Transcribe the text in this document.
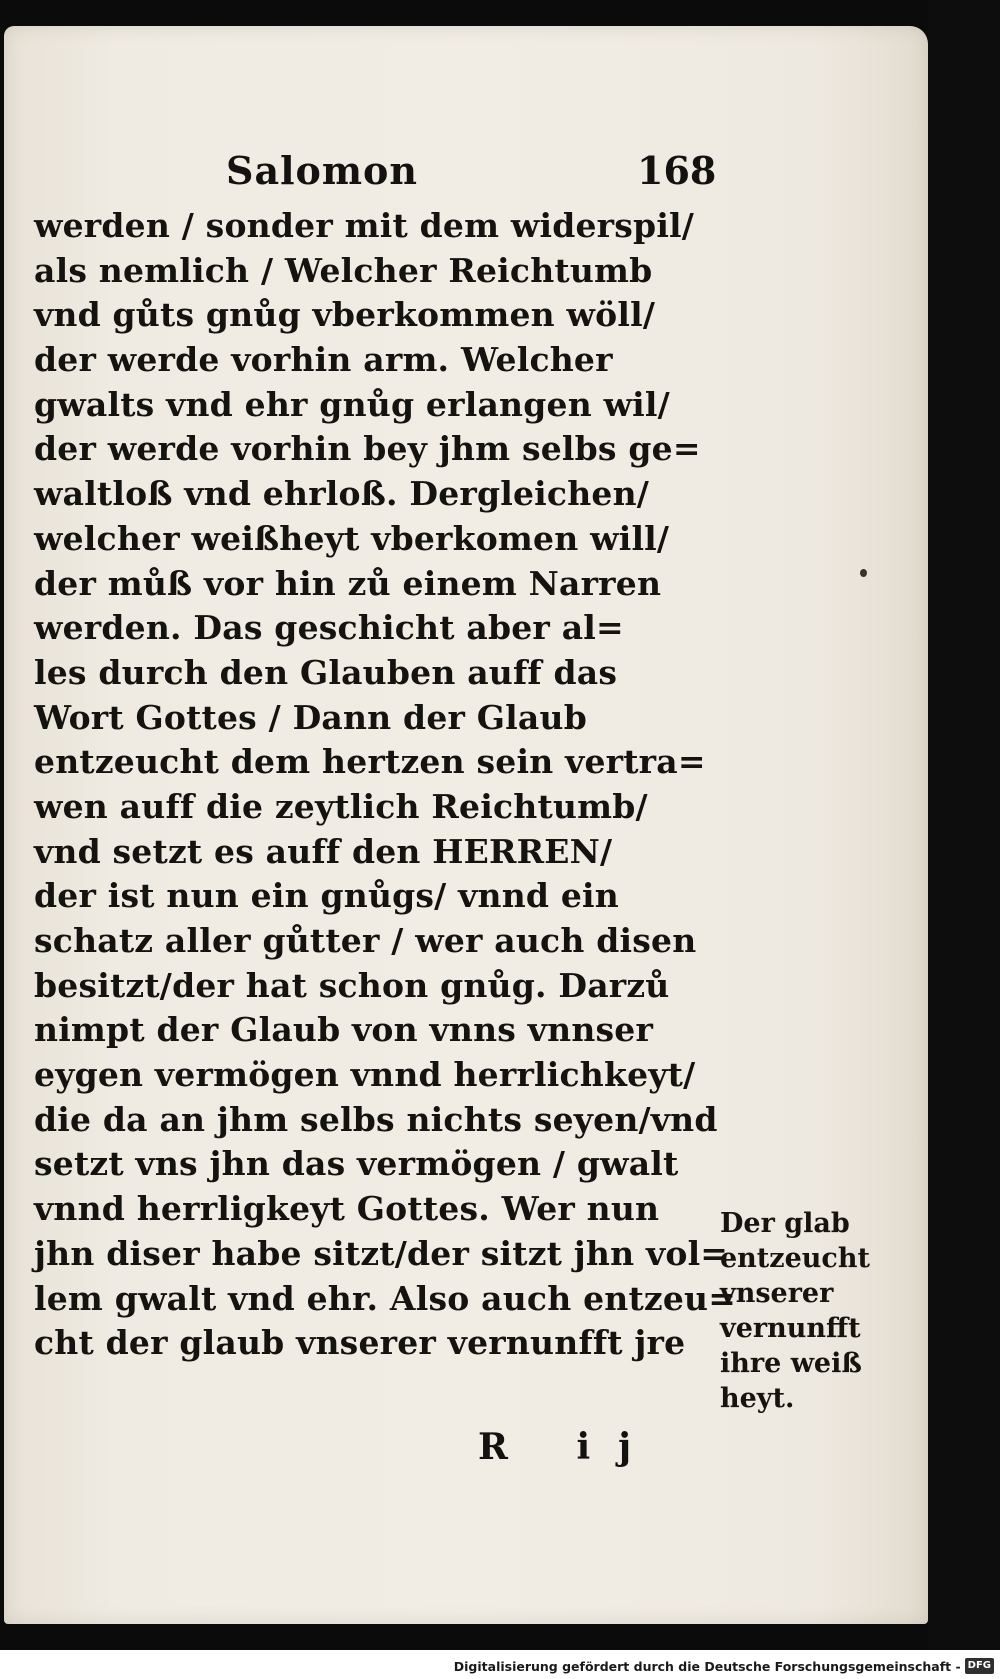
Salomon	168
werden / sonder mit dem widerspil/
als nemlich / Welcher Reichtumb
vnd gůts gnůg vberkommen wöll/
der werde vorhin arm. Welcher
gwalts vnd ehr gnůg erlangen wil/
der werde vorhin bey jhm selbs ge=
waltloß vnd ehrloß. Dergleichen/
welcher weißheyt vberkomen will/
der můß vor hin zů einem Narren
werden. Das geschicht aber al=
les durch den Glauben auff das
Wort Gottes / Dann der Glaub
entzeucht dem hertzen sein vertra=
wen auff die zeytlich Reichtumb/
vnd setzt es auff den HERREN/
der ist nun ein gnůgs/ vnnd ein
schatz aller gůtter / wer auch disen
besitzt/der hat schon gnůg. Darzů
nimpt der Glaub von vnns vnnser
eygen vermögen vnnd herrlichkeyt/
die da an jhm selbs nichts seyen/vnd
setzt vns jhn das vermögen / gwalt
vnnd herrligkeyt Gottes. Wer nun
jhn diser habe sitzt/der sitzt jhn vol=
lem gwalt vnd ehr. Also auch entzeu=
cht der glaub vnserer vernunfft jre
R ij
Der glab
entzeucht
vnserer
vernunfft
ihre weiß
heyt.
Digitalisierung gefördert durch die Deutsche Forschungsgemeinschaft - DFG
